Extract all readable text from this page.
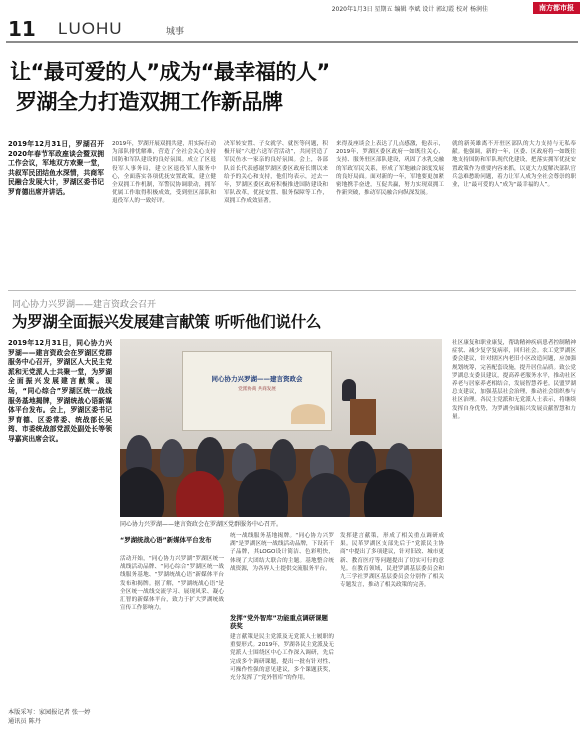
2020年1月3日 星期五 编辑 李斌 设计 郭幻霞 校对 杨润佳	南方都市报
11 LUOHU	城事
让“最可爱的人”成为“最幸福的人”
罗湖全力打造双拥工作新品牌
2019年12月31日，罗湖召开2020年春节军政座谈会暨双拥工作会议，军地双方欢聚一堂，共叙军民团结鱼水深情，共商军民融合发展大计，罗湖区委书记罗育德出席并讲话。
2019年，罗湖开展双拥共建，用实际行动为部队排忧解难，营造了全社会关心支持国防和军队建设的良好氛围。成立了区退役军人事务局，建立区退役军人服务中心，全面落实各项优抚安置政策，建立健全双拥工作机制，军警民协调联动，拥军优属工作取得积极成效，受到驻区部队和退役军人的一致好评。
决军转安置、子女就学、就医等问题，积极开展“六进六送军营活动”，共同营造了军民鱼水一家亲的良好氛围。会上，各部队首长代表感谢罗湖区委区政府长期以来给予的关心和支持，他们均表示，过去一年，罗湖区委区政府积极推进国防建设和军队改革，优抚安置、服务保障等工作，双拥工作成效显著。
来得及座谈会上表达了几点感激，他表示，2019年，罗湖区委区政府一如既往关心、支持、服务驻区部队建设，巩固了水乳交融的军政军民关系，形成了军地融合深度发展的良好局面。面对新的一年，军地要更加紧密地携手奋进，互促共赢，努力实现双拥工作新突破，推动军民融合向纵深发展。
就的新英雄离不开驻区部队的大力支持与无私奉献。他强调，新的一年，区委、区政府将一如既往地支持国防和军队现代化建设，把落实拥军优抚安置政策作为重要内容来抓，以更大力度解决部队官兵急难愁盼问题，着力让军人成为全社会尊崇的职业，让“最可爱的人”成为“最幸福的人”。
同心协力兴罗湖——建言资政会召开
为罗湖全面振兴发展建言献策 听听他们说什么
2019年12月31日，同心协力兴罗湖——建言资政会在罗湖区党群服务中心召开，罗湖区人大民主党派和无党派人士共聚一堂，为罗湖全面振兴发展建言献策。现场，“同心综合”罗湖区统一战线服务基地揭牌，罗湖统战心语新媒体平台发布。会上，罗湖区委书记罗育德、区委常委、统战部长吴筠、市委统战部党派处副处长等领导嘉宾出席会议。
同心协力兴罗湖——建言资政会
党派协商 共商发展
同心协力兴罗湖——建言资政会在罗湖区党群服务中心召开。
“罗湖统战心语”新媒体平台发布
活动开始，“同心协力兴罗湖”罗湖区统一战线活动品牌、“同心综合”罗湖区统一战线服务基地、“罗湖统战心语”新媒体平台发布和揭牌。据了解，“罗湖统战心语”是全区统一战线交流学习、展现风采、凝心汇智的新媒体平台，致力于扩大罗湖统战宣传工作影响力。
统一战线服务基地揭牌。“同心协力兴罗湖”是罗湖区统一战线活动品牌，下设若干子品牌，其LOGO设计简洁、色彩明快，体现了大团结大联合的主题。基地整合统战资源，为各界人士提供交流服务平台。
发挥“党外智库”功能重点调研课题获奖
建言献策是民主党派及无党派人士履职的重要形式。2019年，罗湖各民主党派及无党派人士围绕区中心工作深入调研，先后完成多个调研课题，提出一批有针对性、可操作性强的意见建议，多个课题获奖，充分发挥了“党外智库”的作用。
发挥建言献策，形成了相关重点调研成果。民革罗湖区支部先后于“党派民主协商”中提出了多项建议，针对旧改、城市更新、教育医疗等问题提出了切实可行的意见。在教育领域，民进罗湖基层委员会和九三学社罗湖区基层委员会分别作了相关专题发言，推动了相关政策的完善。
社区康复和职业康复，帮助精神疾病患者控制精神症状、减少复学复病率，回归社会。农工党罗湖区委会建议，针对辖区内老旧小区改造问题，应加强规划统筹，完善配套设施，提升居住品质。致公党罗湖总支委员建议，提高养老服务水平，推动社区养老与居家养老相结合，发展智慧养老。民盟罗湖总支建议，加强基层社会治理，推动社会组织参与社区治理。各民主党派和无党派人士表示，将继续发挥自身优势，为罗湖全面振兴发展贡献智慧和力量。
本版采写：家园报记者 张一婷
通讯员 陈丹
